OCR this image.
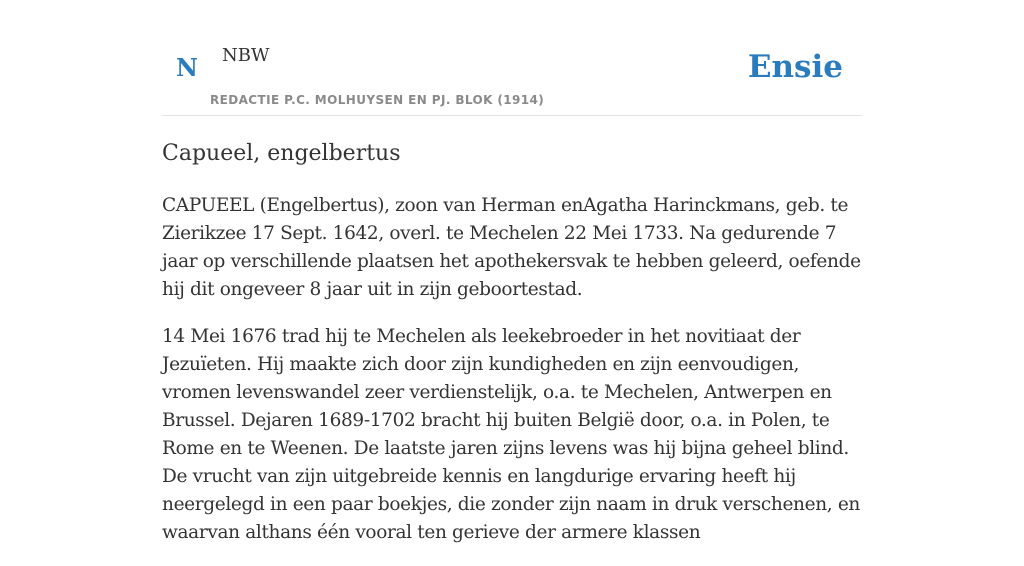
N NBW
REDACTIE P.C. MOLHUYSEN EN PJ. BLOK (1914)
Ensie
Capueel, engelbertus

CAPUEEL (Engelbertus), zoon van Herman enAgatha Harinckmans, geb. te Zierikzee 17 Sept. 1642, overl. te Mechelen 22 Mei 1733. Na gedurende 7 jaar op verschillende plaatsen het apothekersvak te hebben geleerd, oefende hij dit ongeveer 8 jaar uit in zijn geboortestad.

14 Mei 1676 trad hij te Mechelen als leekebroeder in het novitiaat der Jezuïeten. Hij maakte zich door zijn kundigheden en zijn eenvoudigen, vromen levenswandel zeer verdienstelijk, o.a. te Mechelen, Antwerpen en Brussel. Dejaren 1689-1702 bracht hij buiten België door, o.a. in Polen, te Rome en te Weenen. De laatste jaren zijns levens was hij bijna geheel blind. De vrucht van zijn uitgebreide kennis en langdurige ervaring heeft hij neergelegd in een paar boekjes, die zonder zijn naam in druk verschenen, en waarvan althans één vooral ten gerieve der armere klassen
